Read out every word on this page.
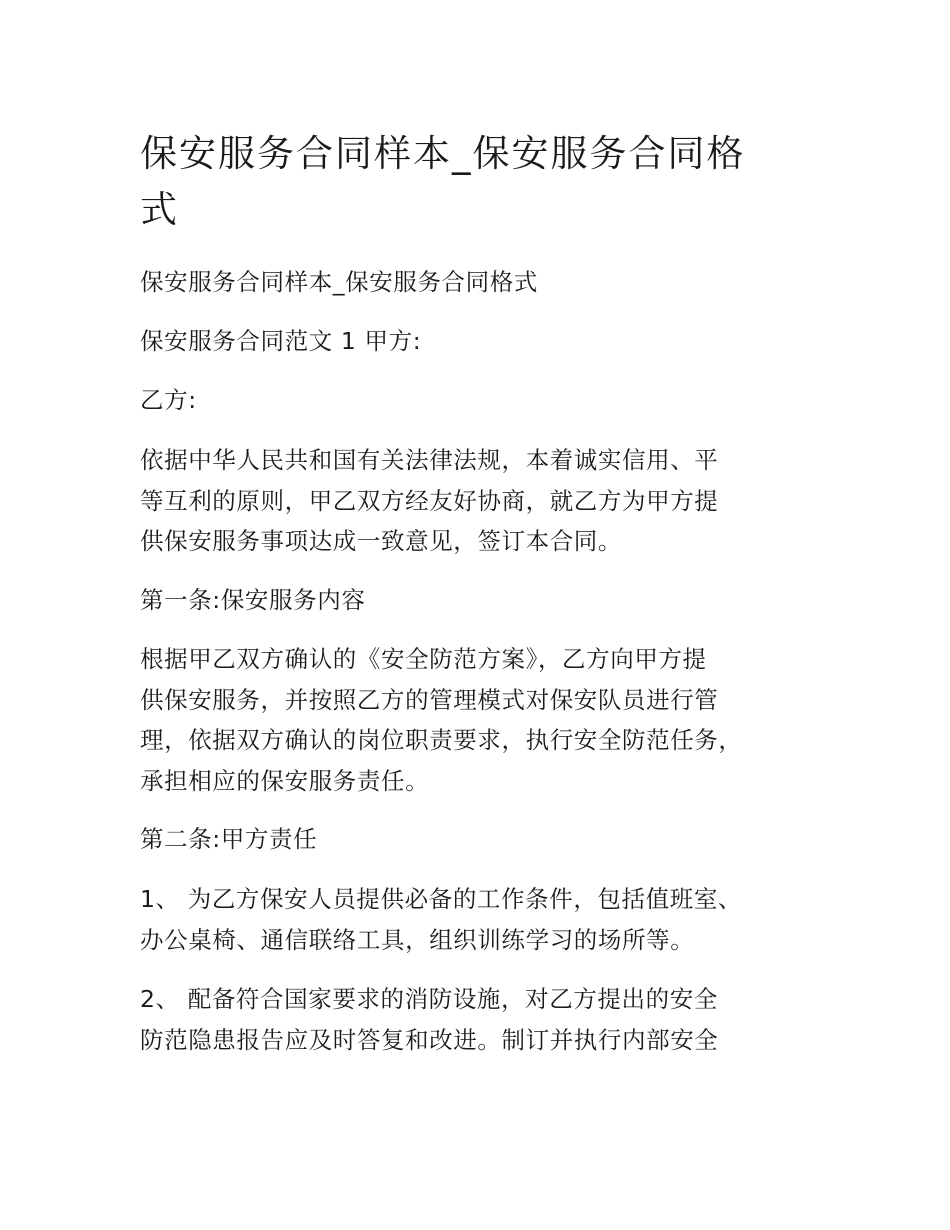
保安服务合同样本_保安服务合同格
式

保安服务合同样本_保安服务合同格式

保安服务合同范文 1 甲方:

乙方:

依据中华人民共和国有关法律法规，本着诚实信用、平
等互利的原则，甲乙双方经友好协商，就乙方为甲方提
供保安服务事项达成一致意见，签订本合同。

第一条:保安服务内容

根据甲乙双方确认的《安全防范方案》，乙方向甲方提
供保安服务，并按照乙方的管理模式对保安队员进行管
理，依据双方确认的岗位职责要求，执行安全防范任务，
承担相应的保安服务责任。

第二条:甲方责任

1、 为乙方保安人员提供必备的工作条件，包括值班室、
办公桌椅、通信联络工具，组织训练学习的场所等。

2、 配备符合国家要求的消防设施，对乙方提出的安全
防范隐患报告应及时答复和改进。制订并执行内部安全
